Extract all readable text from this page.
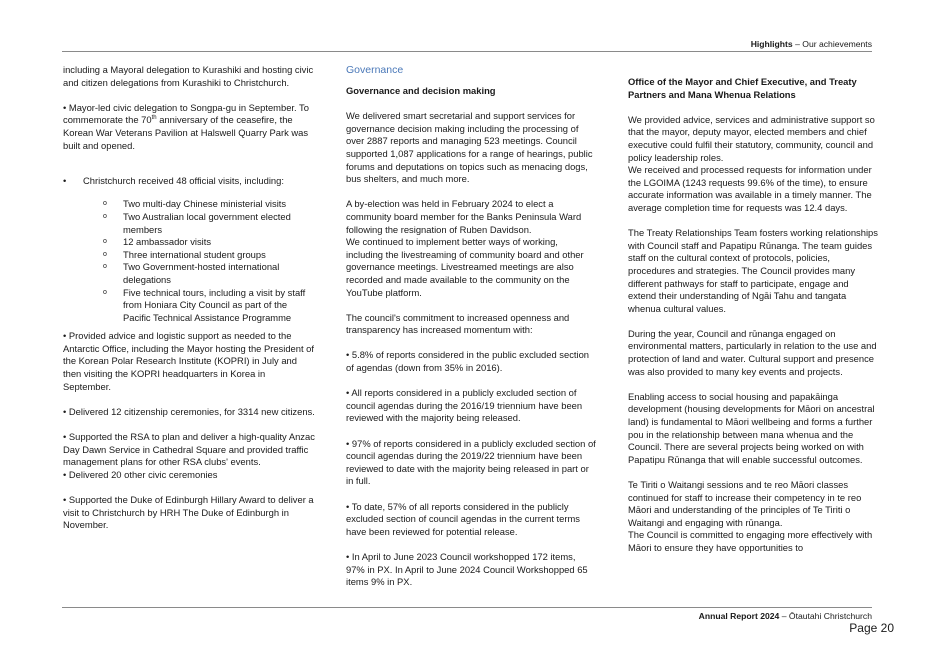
Highlights – Our achievements

including a Mayoral delegation to Kurashiki and hosting civic and citizen delegations from Kurashiki to Christchurch.

• Mayor-led civic delegation to Songpa-gu in September. To commemorate the 70th anniversary of the ceasefire, the Korean War Veterans Pavilion at Halswell Quarry Park was built and opened.

•	Christchurch received 48 official visits, including:
o	Two multi-day Chinese ministerial visits
o	Two Australian local government elected members
o	12 ambassador visits
o	Three international student groups
o	Two Government-hosted international delegations
o	Five technical tours, including a visit by staff from Honiara City Council as part of the Pacific Technical Assistance Programme

• Provided advice and logistic support as needed to the Antarctic Office, including the Mayor hosting the President of the Korean Polar Research Institute (KOPRI) in July and then visiting the KOPRI headquarters in Korea in September.

• Delivered 12 citizenship ceremonies, for 3314 new citizens.

• Supported the RSA to plan and deliver a high-quality Anzac Day Dawn Service in Cathedral Square and provided traffic management plans for other RSA clubs' events.

• Delivered 20 other civic ceremonies

• Supported the Duke of Edinburgh Hillary Award to deliver a visit to Christchurch by HRH The Duke of Edinburgh in November.

Governance
Governance and decision making

We delivered smart secretarial and support services for governance decision making including the processing of over 2887 reports and managing 523 meetings. Council supported 1,087 applications for a range of hearings, public forums and deputations on topics such as menacing dogs, bus shelters, and much more.

A by-election was held in February 2024 to elect a community board member for the Banks Peninsula Ward following the resignation of Ruben Davidson.

We continued to implement better ways of working, including the livestreaming of community board and other governance meetings. Livestreamed meetings are also recorded and made available to the community on the YouTube platform.

The council's commitment to increased openness and transparency has increased momentum with:

• 5.8% of reports considered in the public excluded section of agendas (down from 35% in 2016).

• All reports considered in a publicly excluded section of council agendas during the 2016/19 triennium have been reviewed with the majority being released.

• 97% of reports considered in a publicly excluded section of council agendas during the 2019/22 triennium have been reviewed to date with the majority being released in part or in full.

• To date, 57% of all reports considered in the publicly excluded section of council agendas in the current terms have been reviewed for potential release.

• In April to June 2023 Council workshopped 172 items, 97% in PX. In April to June 2024 Council Workshopped 65 items 9% in PX.

Office of the Mayor and Chief Executive, and Treaty Partners and Mana Whenua Relations

We provided advice, services and administrative support so that the mayor, deputy mayor, elected members and chief executive could fulfil their statutory, community, council and policy leadership roles.

We received and processed requests for information under the LGOIMA (1243 requests 99.6% of the time), to ensure accurate information was available in a timely manner. The average completion time for requests was 12.4 days.

The Treaty Relationships Team fosters working relationships with Council staff and Papatipu Rūnanga. The team guides staff on the cultural context of protocols, policies, procedures and strategies. The Council provides many different pathways for staff to participate, engage and extend their understanding of Ngāi Tahu and tangata whenua cultural values.

During the year, Council and rūnanga engaged on environmental matters, particularly in relation to the use and protection of land and water. Cultural support and presence was also provided to many key events and projects.

Enabling access to social housing and papakāinga development (housing developments for Māori on ancestral land) is fundamental to Māori wellbeing and forms a further pou in the relationship between mana whenua and the Council. There are several projects being worked on with Papatipu Rūnanga that will enable successful outcomes.

Te Tiriti o Waitangi sessions and te reo Māori classes continued for staff to increase their competency in te reo Māori and understanding of the principles of Te Tiriti o Waitangi and engaging with rūnanga.

The Council is committed to engaging more effectively with Māori to ensure they have opportunities to

Annual Report 2024 – Ōtautahi Christchurch
Page 20
